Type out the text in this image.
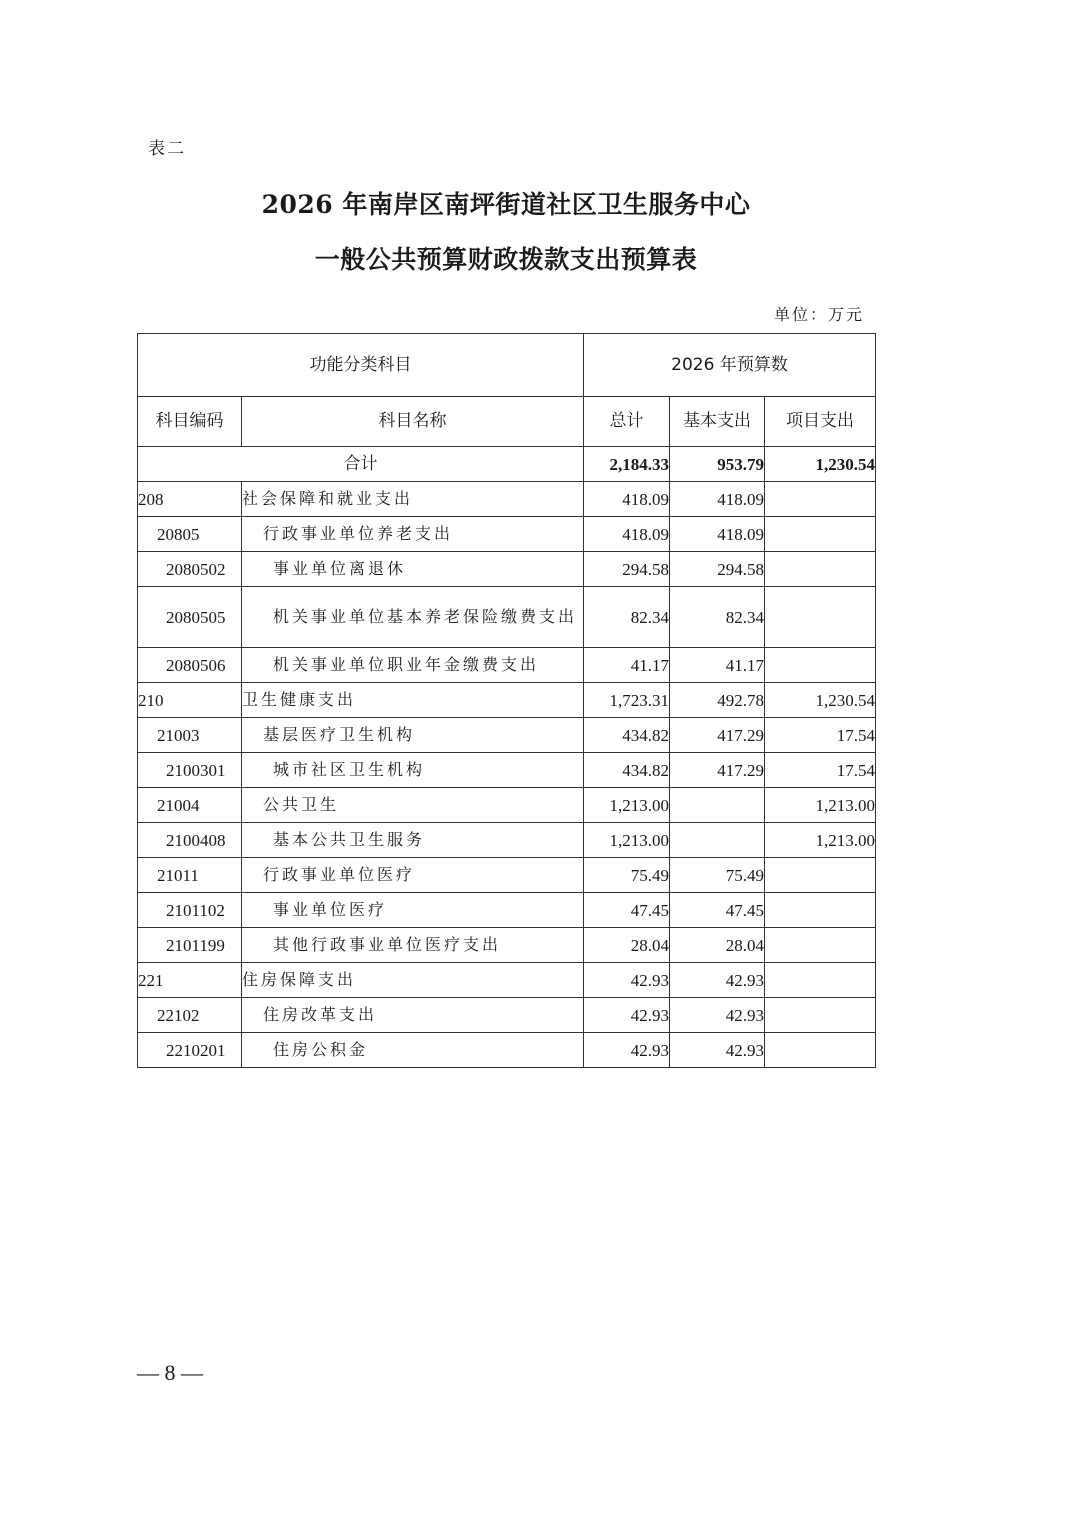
表二
2026 年南岸区南坪街道社区卫生服务中心
一般公共预算财政拨款支出预算表
单位：万元
功能分类科目		2026 年预算数		
科目编码	科目名称	总计	基本支出	项目支出
合计		2,184.33	953.79	1,230.54
208	社会保障和就业支出	418.09	418.09	
20805	行政事业单位养老支出	418.09	418.09	
2080502	事业单位离退休	294.58	294.58	
2080505	机关事业单位基本养老保险缴费支出	82.34	82.34	
2080506	机关事业单位职业年金缴费支出	41.17	41.17	
210	卫生健康支出	1,723.31	492.78	1,230.54
21003	基层医疗卫生机构	434.82	417.29	17.54
2100301	城市社区卫生机构	434.82	417.29	17.54
21004	公共卫生	1,213.00		1,213.00
2100408	基本公共卫生服务	1,213.00		1,213.00
21011	行政事业单位医疗	75.49	75.49	
2101102	事业单位医疗	47.45	47.45	
2101199	其他行政事业单位医疗支出	28.04	28.04	
221	住房保障支出	42.93	42.93	
22102	住房改革支出	42.93	42.93	
2210201	住房公积金	42.93	42.93	
— 8 —
